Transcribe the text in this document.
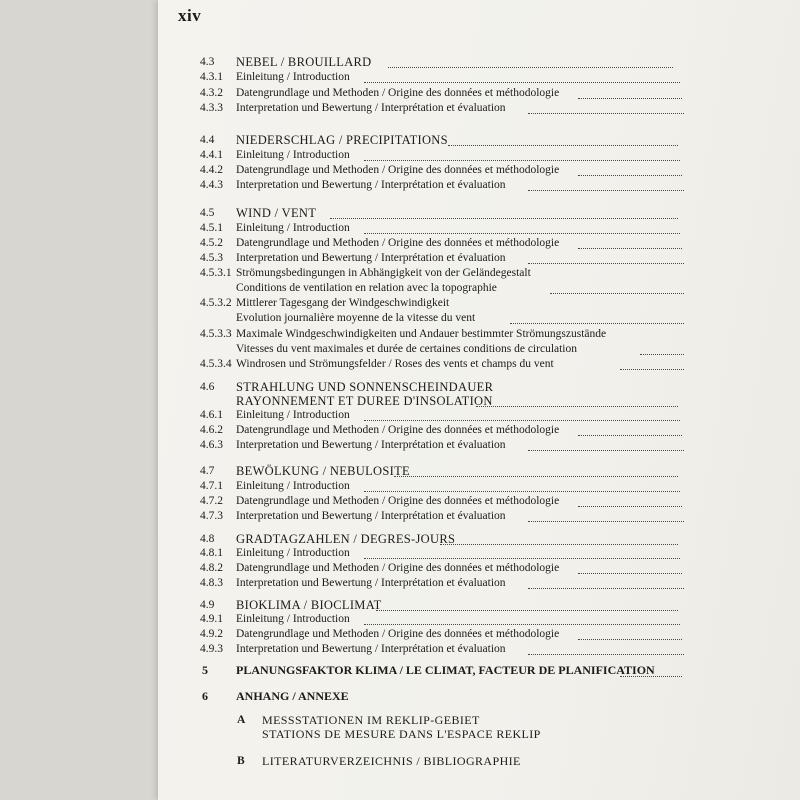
xiv
4.3 NEBEL / BROUILLARD
4.3.1 Einleitung / Introduction
4.3.2 Datengrundlage und Methoden / Origine des données et méthodologie
4.3.3 Interpretation und Bewertung / Interprétation et évaluation
4.4 NIEDERSCHLAG / PRECIPITATIONS
4.4.1 Einleitung / Introduction
4.4.2 Datengrundlage und Methoden / Origine des données et méthodologie
4.4.3 Interpretation und Bewertung / Interprétation et évaluation
4.5 WIND / VENT
4.5.1 Einleitung / Introduction
4.5.2 Datengrundlage und Methoden / Origine des données et méthodologie
4.5.3 Interpretation und Bewertung / Interprétation et évaluation
4.5.3.1 Strömungsbedingungen in Abhängigkeit von der Geländegestalt
Conditions de ventilation en relation avec la topographie
4.5.3.2 Mittlerer Tagesgang der Windgeschwindigkeit
Evolution journalière moyenne de la vitesse du vent
4.5.3.3 Maximale Windgeschwindigkeiten und Andauer bestimmter Strömungszustände
Vitesses du vent maximales et durée de certaines conditions de circulation
4.5.3.4 Windrosen und Strömungsfelder / Roses des vents et champs du vent
4.6 STRAHLUNG UND SONNENSCHEINDAUER
RAYONNEMENT ET DUREE D'INSOLATION
4.6.1 Einleitung / Introduction
4.6.2 Datengrundlage und Methoden / Origine des données et méthodologie
4.6.3 Interpretation und Bewertung / Interprétation et évaluation
4.7 BEWÖLKUNG / NEBULOSITE
4.7.1 Einleitung / Introduction
4.7.2 Datengrundlage und Methoden / Origine des données et méthodologie
4.7.3 Interpretation und Bewertung / Interprétation et évaluation
4.8 GRADTAGZAHLEN / DEGRES-JOURS
4.8.1 Einleitung / Introduction
4.8.2 Datengrundlage und Methoden / Origine des données et méthodologie
4.8.3 Interpretation und Bewertung / Interprétation et évaluation
4.9 BIOKLIMA / BIOCLIMAT
4.9.1 Einleitung / Introduction
4.9.2 Datengrundlage und Methoden / Origine des données et méthodologie
4.9.3 Interpretation und Bewertung / Interprétation et évaluation
5 PLANUNGSFAKTOR KLIMA / LE CLIMAT, FACTEUR DE PLANIFICATION
6 ANHANG / ANNEXE
A MESSSTATIONEN IM REKLIP-GEBIET
STATIONS DE MESURE DANS L'ESPACE REKLIP
B LITERATURVERZEICHNIS / BIBLIOGRAPHIE
